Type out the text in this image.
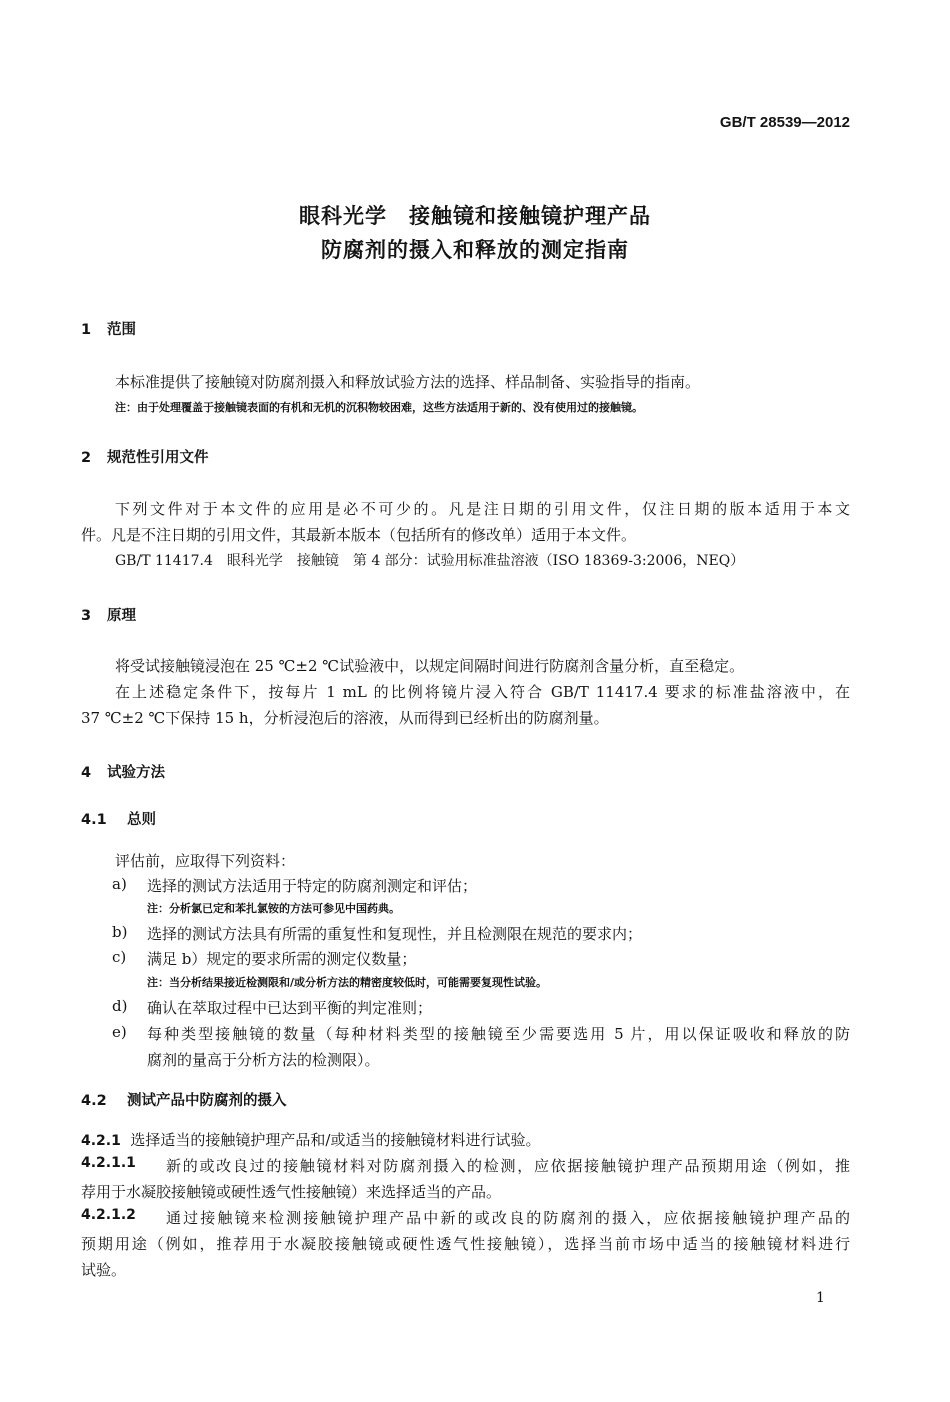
GB/T 28539—2012
眼科光学　接触镜和接触镜护理产品
防腐剂的摄入和释放的测定指南
1 范围
本标准提供了接触镜对防腐剂摄入和释放试验方法的选择、样品制备、实验指导的指南。
注：由于处理覆盖于接触镜表面的有机和无机的沉积物较困难，这些方法适用于新的、没有使用过的接触镜。
2 规范性引用文件
下列文件对于本文件的应用是必不可少的。凡是注日期的引用文件，仅注日期的版本适用于本文
件。凡是不注日期的引用文件，其最新本版本（包括所有的修改单）适用于本文件。
GB/T 11417.4　眼科光学　接触镜　第 4 部分：试验用标准盐溶液（ISO 18369-3:2006，NEQ）
3 原理
将受试接触镜浸泡在 25 ℃±2 ℃试验液中，以规定间隔时间进行防腐剂含量分析，直至稳定。
在上述稳定条件下，按每片 1 mL 的比例将镜片浸入符合 GB/T 11417.4 要求的标准盐溶液中，在
37 ℃±2 ℃下保持 15 h，分析浸泡后的溶液，从而得到已经析出的防腐剂量。
4 试验方法
4.1 总则
评估前，应取得下列资料：
a) 选择的测试方法适用于特定的防腐剂测定和评估；
注：分析氯已定和苯扎氯铵的方法可参见中国药典。
b) 选择的测试方法具有所需的重复性和复现性，并且检测限在规范的要求内；
c) 满足 b）规定的要求所需的测定仪数量；
注：当分析结果接近检测限和/或分析方法的精密度较低时，可能需要复现性试验。
d) 确认在萃取过程中已达到平衡的判定准则；
e) 每种类型接触镜的数量（每种材料类型的接触镜至少需要选用 5 片，用以保证吸收和释放的防
腐剂的量高于分析方法的检测限）。
4.2 测试产品中防腐剂的摄入
4.2.1 选择适当的接触镜护理产品和/或适当的接触镜材料进行试验。
4.2.1.1 新的或改良过的接触镜材料对防腐剂摄入的检测，应依据接触镜护理产品预期用途（例如，推
荐用于水凝胶接触镜或硬性透气性接触镜）来选择适当的产品。
4.2.1.2 通过接触镜来检测接触镜护理产品中新的或改良的防腐剂的摄入，应依据接触镜护理产品的
预期用途（例如，推荐用于水凝胶接触镜或硬性透气性接触镜），选择当前市场中适当的接触镜材料进行
试验。
1
